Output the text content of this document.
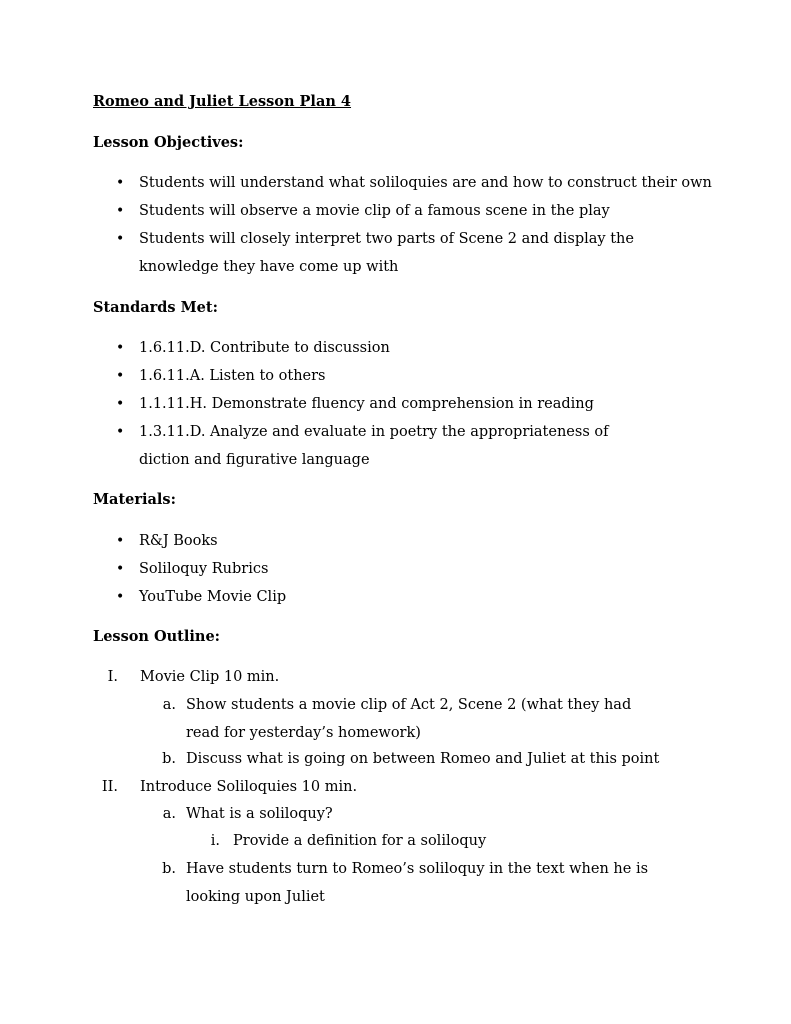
Romeo and Juliet Lesson Plan 4
Lesson Objectives:
•	Students will understand what soliloquies are and how to construct their own
•	Students will observe a movie clip of a famous scene in the play
•	Students will closely interpret two parts of Scene 2 and display the knowledge they have come up with
Standards Met:
•	1.6.11.D. Contribute to discussion
•	1.6.11.A. Listen to others
•	1.1.11.H. Demonstrate fluency and comprehension in reading
•	1.3.11.D. Analyze and evaluate in poetry the appropriateness of diction and figurative language
Materials:
•	R&J Books
•	Soliloquy Rubrics
•	YouTube Movie Clip
Lesson Outline:
I. Movie Clip 10 min.
a. Show students a movie clip of Act 2, Scene 2 (what they had read for yesterday’s homework)
b. Discuss what is going on between Romeo and Juliet at this point
II. Introduce Soliloquies 10 min.
a. What is a soliloquy?
i. Provide a definition for a soliloquy
b. Have students turn to Romeo’s soliloquy in the text when he is looking upon Juliet
